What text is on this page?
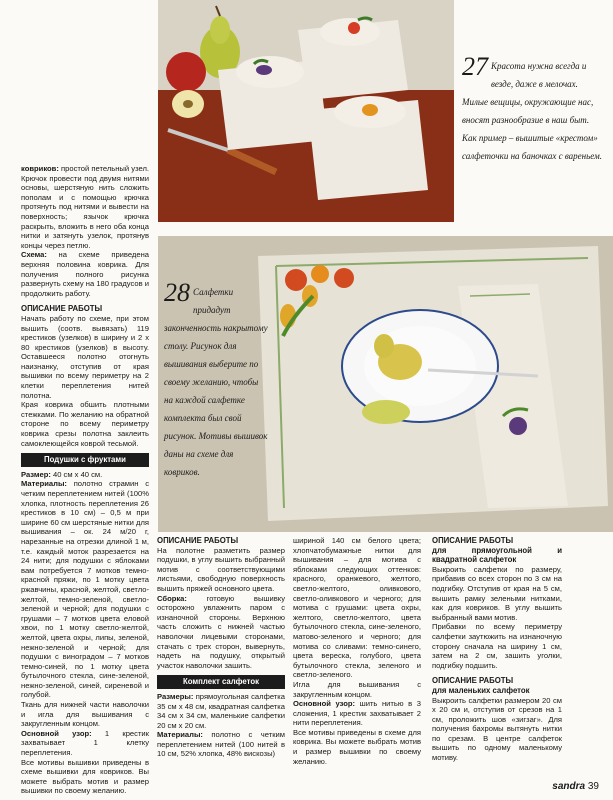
27 Красота нужна всегда и везде, даже в мелочах. Милые вещицы, окружающие нас, вносят разнообразие в наш быт. Как пример – вышитые «крестом» салфеточки на баночках с вареньем.

ковриков: простой петельный узел. Крючок провести под двумя нитями основы, шерстяную нить сложить пополам и с помощью крючка протянуть под нитями и вывести на поверхность; язычок крючка раскрыть, вложить в него оба конца нитки и затянуть узелок, протянув концы через петлю.

Схема: на схеме приведена верхняя половина коврика. Для получения полного рисунка развернуть схему на 180 градусов и продолжить работу.

ОПИСАНИЕ РАБОТЫ

Начать работу по схеме, при этом вышить (соотв. вывязать) 119 крестиков (узелков) в ширину и 2 х 80 крестиков (узелков) в высоту. Оставшееся полотно отогнуть наизнанку, отступив от края вышивки по всему периметру на 2 клетки переплетения нитей полотна.

Края коврика обшить плотными стежками. По желанию на обратной стороне по всему периметру коврика срезы полотна заклеить самоклеющейся коврой тесьмой.

Подушки с фруктами

Размер: 40 см х 40 см.

Материалы: полотно страмин с четким переплетением нитей (100% хлопка, плотность переплетения 26 крестиков в 10 см) – 0,5 м при ширине 60 см шерстяные нитки для вышивания – ок. 24 м/20 г, нарезанные на отрезки длиной 1 м, т.е. каждый моток разрезается на 24 нити; для подушки с яблоками вам потребуется 7 мотков темно-красной пряжи, по 1 мотку цвета ржавчины, красной, желтой, светло-желтой, темно-зеленой, светло-зеленой и черной; для подушки с грушами – 7 мотков цвета еловой хвои, по 1 мотку светло-желтой, желтой, цвета охры, липы, зеленой, нежно-зеленой и черной; для подушки с виноградом – 7 мотков темно-синей, по 1 мотку цвета бутылочного стекла, сине-зеленой, нежно-зеленой, синей, сиреневой и голубой.

Ткань для нижней части наволочки и игла для вышивания с закругленным концом.

Основной узор: 1 крестик захватывает 1 клетку переплетения.

Все мотивы вышивки приведены в схеме вышивки для ковриков. Вы можете выбрать мотив и размер вышивки по своему желанию.

28 Салфетки придадут законченность накрытому столу. Рисунок для вышивания выберите по своему желанию, чтобы на каждой салфетке комплекта был свой рисунок. Мотивы вышивок даны на схеме для ковриков.
ОПИСАНИЕ РАБОТЫ

На полотне разметить размер подушки, в углу вышить выбранный мотив с соответствующими листьями, свободную поверхность вышить пряжей основного цвета.

Сборка: готовую вышивку осторожно увлажнить паром с изнаночной стороны. Верхнюю часть сложить с нижней частью наволочки лицевыми сторонами, стачать с трех сторон, вывернуть, надеть на подушку, открытый участок наволочки зашить.

Комплект салфеток

Размеры: прямоугольная салфетка 35 см х 48 см, квадратная салфетка 34 см х 34 см, маленькие салфетки 20 см х 20 см.

Материалы: полотно с четким переплетением нитей (100 нитей в 10 см, 52% хлопка, 48% вискозы)

шириной 140 см белого цвета; хлопчатобумажные нитки для вышивания – для мотива с яблоками следующих оттенков: красного, оранжевого, желтого, светло-желтого, оливкового, светло-оливкового и черного; для мотива с грушами: цвета охры, желтого, светло-желтого, цвета бутылочного стекла, сине-зеленого, матово-зеленого и черного; для мотива со сливами: темно-синего, цвета вереска, голубого, цвета бутылочного стекла, зеленого и светло-зеленого.

Игла для вышивания с закругленным концом.

Основной узор: шить нитью в 3 сложения, 1 крестик захватывает 2 нити переплетения.

Все мотивы приведены в схеме для коврика. Вы можете выбрать мотив и размер вышивки по своему желанию.

ОПИСАНИЕ РАБОТЫ
для прямоугольной и квадратной салфеток

Выкроить салфетки по размеру, прибавив со всех сторон по 3 см на подгибку. Отступив от края на 5 см, вышить рамку зелеными нитками, как для ковриков. В углу вышить выбранный вами мотив.

Прибавки по всему периметру салфетки заутюжить на изнаночную сторону сначала на ширину 1 см, затем на 2 см, зашить уголки, подгибку подшить.

ОПИСАНИЕ РАБОТЫ
для маленьких салфеток

Выкроить салфетки размером 20 см х 20 см и, отступив от срезов на 1 см, проложить шов «зигзаг». Для получения бахромы вытянуть нитки по срезам. В центре салфеток вышить по одному маленькому мотиву.

sandra 39
